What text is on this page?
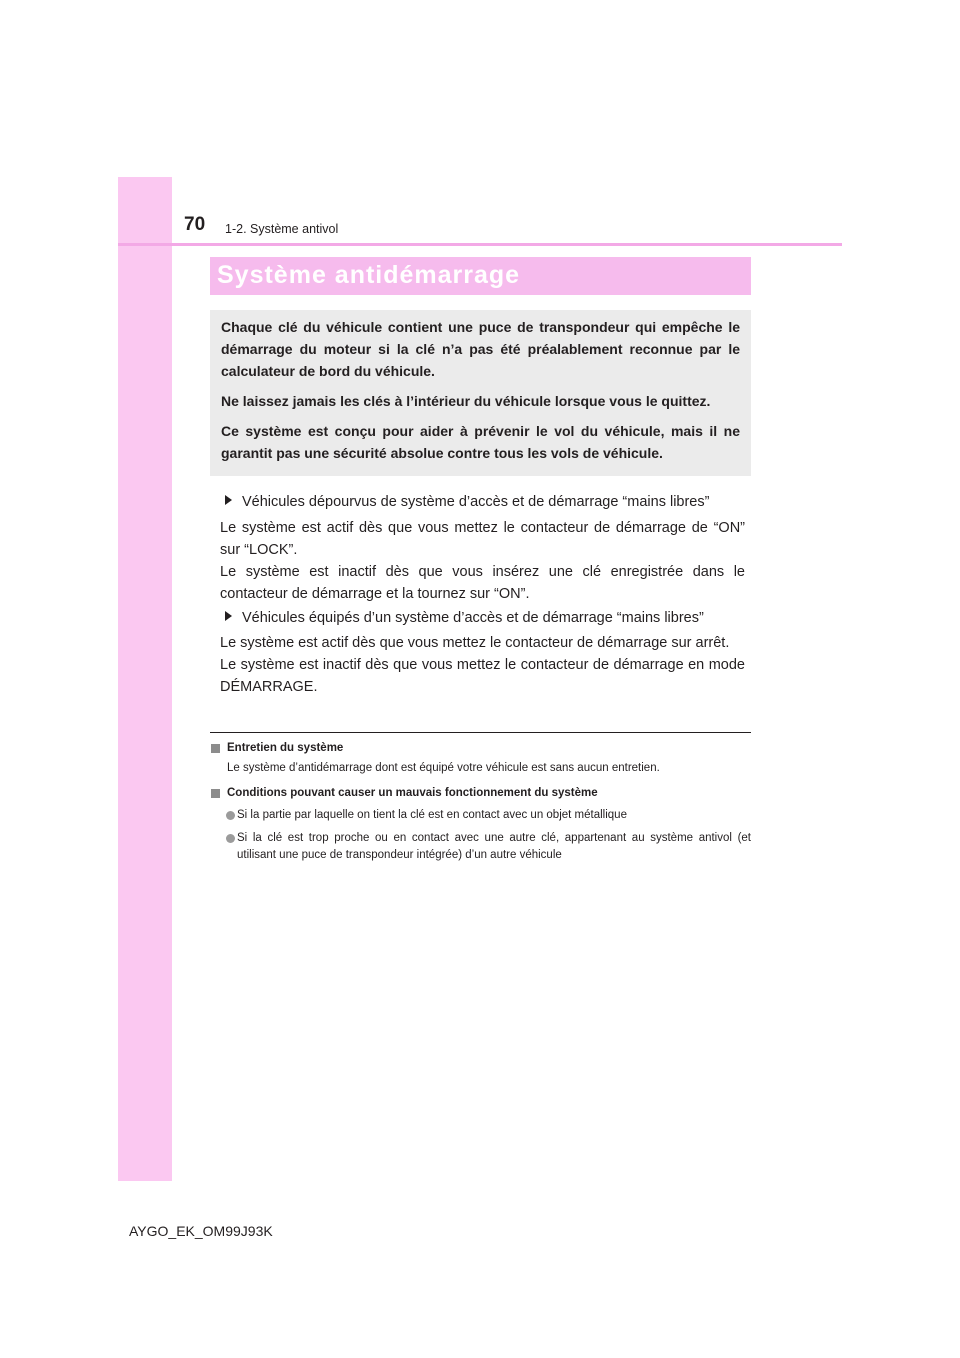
70 1-2. Système antivol
Système antidémarrage

Chaque clé du véhicule contient une puce de transpondeur qui empêche le démarrage du moteur si la clé n’a pas été préalablement reconnue par le calculateur de bord du véhicule.

Ne laissez jamais les clés à l’intérieur du véhicule lorsque vous le quittez.

Ce système est conçu pour aider à prévenir le vol du véhicule, mais il ne garantit pas une sécurité absolue contre tous les vols de véhicule.

Véhicules dépourvus de système d’accès et de démarrage “mains libres”

Le système est actif dès que vous mettez le contacteur de démarrage de “ON” sur “LOCK”.

Le système est inactif dès que vous insérez une clé enregistrée dans le contacteur de démarrage et la tournez sur “ON”.

Véhicules équipés d’un système d’accès et de démarrage “mains libres”

Le système est actif dès que vous mettez le contacteur de démarrage sur arrêt.

Le système est inactif dès que vous mettez le contacteur de démarrage en mode DÉMARRAGE.

Entretien du système

Le système d’antidémarrage dont est équipé votre véhicule est sans aucun entretien.

Conditions pouvant causer un mauvais fonctionnement du système

Si la partie par laquelle on tient la clé est en contact avec un objet métallique

Si la clé est trop proche ou en contact avec une autre clé, appartenant au système antivol (et utilisant une puce de transpondeur intégrée) d’un autre véhicule

AYGO_EK_OM99J93K
